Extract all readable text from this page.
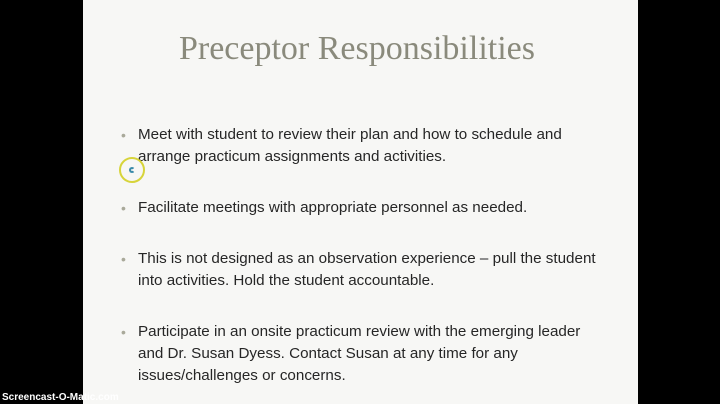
Preceptor Responsibilities
• Meet with student to review their plan and how to schedule and arrange practicum assignments and activities.
• Facilitate meetings with appropriate personnel as needed.
• This is not designed as an observation experience – pull the student into activities. Hold the student accountable.
• Participate in an onsite practicum review with the emerging leader and Dr. Susan Dyess. Contact Susan at any time for any issues/challenges or concerns.
Screencast-O-Matic.com
